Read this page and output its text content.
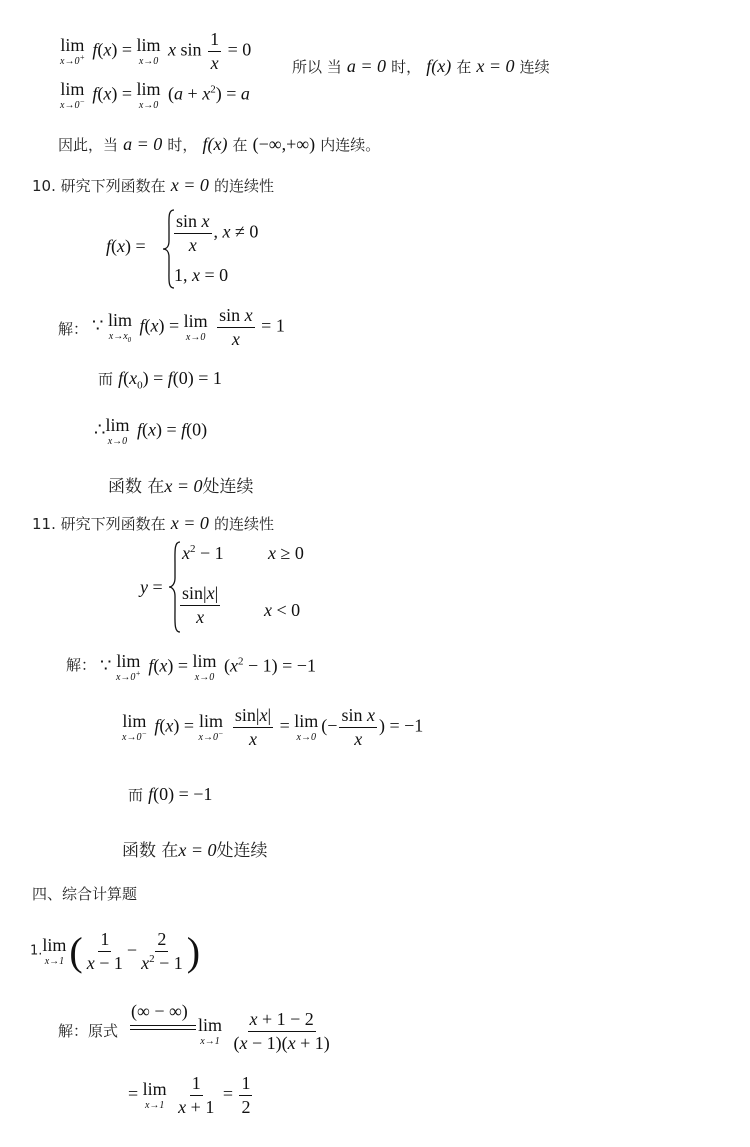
lim
x→0+ f(x) = lim
x→0
x $\sin \frac{1}{x} = 0$
所以 当 a = 0 时， f(x) 在 x = 0 连续
lim
x→0− f(x) = lim
x→0
$(a + x^2) = a$
因此，当 a = 0 时， f(x) 在 (−∞,+∞) 内连续。
10. 研究下列函数在 x = 0 的连续性
$f(x) = \frac{\text{sin x}}{x}$ , x ≠ 0
1, x = 0
解： ∵ lim
$x\to x_0$
f(x) = lim
x→0
$\frac{\text{sin x}}{x} = 1$
而 $f(x_0) = f(0) = 1$
∴ lim
x→0
f(x) = f(0)
函数 在x = 0处连续
11. 研究下列函数在 x = 0 的连续性
y =
$x^2 - 1$ x ≥ 0
$\frac{\sin|x|}{x}$ x < 0
解： ∵ lim
x→0+ f(x) = lim
x→0
$(x^2 - 1) = -1$
lim
x→0− f(x) = lim
x→0−
$\frac{\sin|x|}{x} = \lim$
x→0
(− $\frac{\text{sin x}}{x}$ ) = −1
而 f(0) = −1
函数 在x = 0处连续
四、综合计算题
1. lim
x→1 ( $\frac{1}{x - 1} - \frac{2}{x^2 - 1}$ )
解：原式
(∞ − ∞)
lim
x→1
$\frac{x + 1 - 2}{(x - 1)(x + 1)}$
= lim
x→1
$\frac{1}{x + 1} = \frac{1}{2}$
